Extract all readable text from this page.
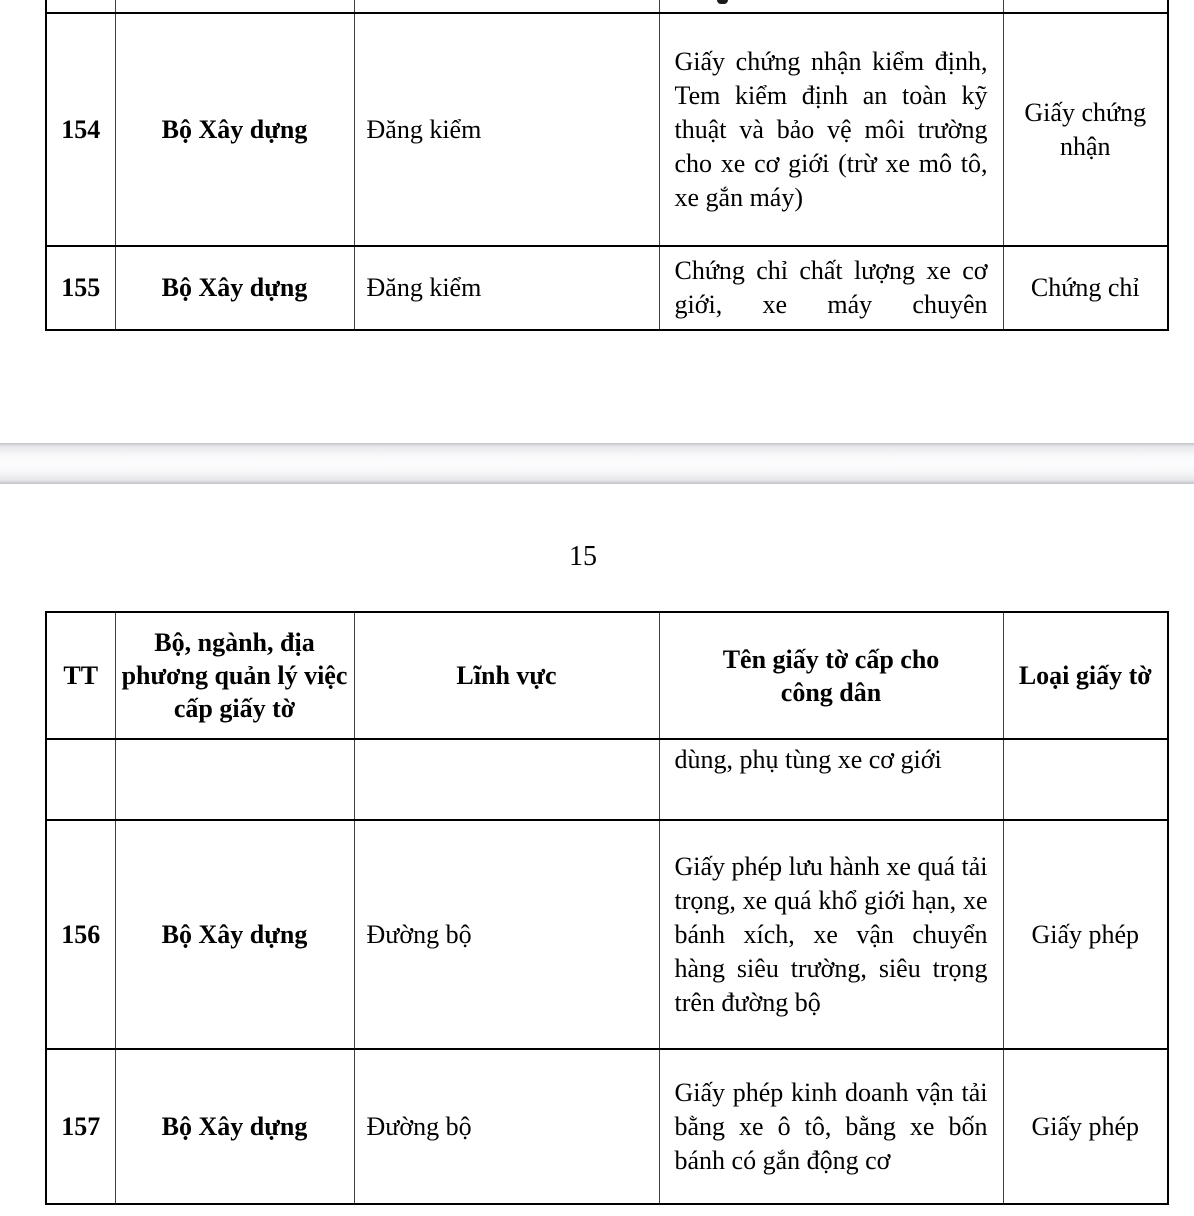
154	Bộ Xây dựng	Đăng kiểm	Giấy chứng nhận kiểm định, Tem kiểm định an toàn kỹ thuật và bảo vệ môi trường cho xe cơ giới (trừ xe mô tô, xe gắn máy)	Giấy chứng nhận
155	Bộ Xây dựng	Đăng kiểm	Chứng chỉ chất lượng xe cơ giới, xe máy chuyên	Chứng chỉ
15
TT	Bộ, ngành, địa phương quản lý việc cấp giấy tờ	Lĩnh vực	Tên giấy tờ cấp cho công dân	Loại giấy tờ
			dùng, phụ tùng xe cơ giới	
156	Bộ Xây dựng	Đường bộ	Giấy phép lưu hành xe quá tải trọng, xe quá khổ giới hạn, xe bánh xích, xe vận chuyển hàng siêu trường, siêu trọng trên đường bộ	Giấy phép
157	Bộ Xây dựng	Đường bộ	Giấy phép kinh doanh vận tải bằng xe ô tô, bằng xe bốn bánh có gắn động cơ	Giấy phép
